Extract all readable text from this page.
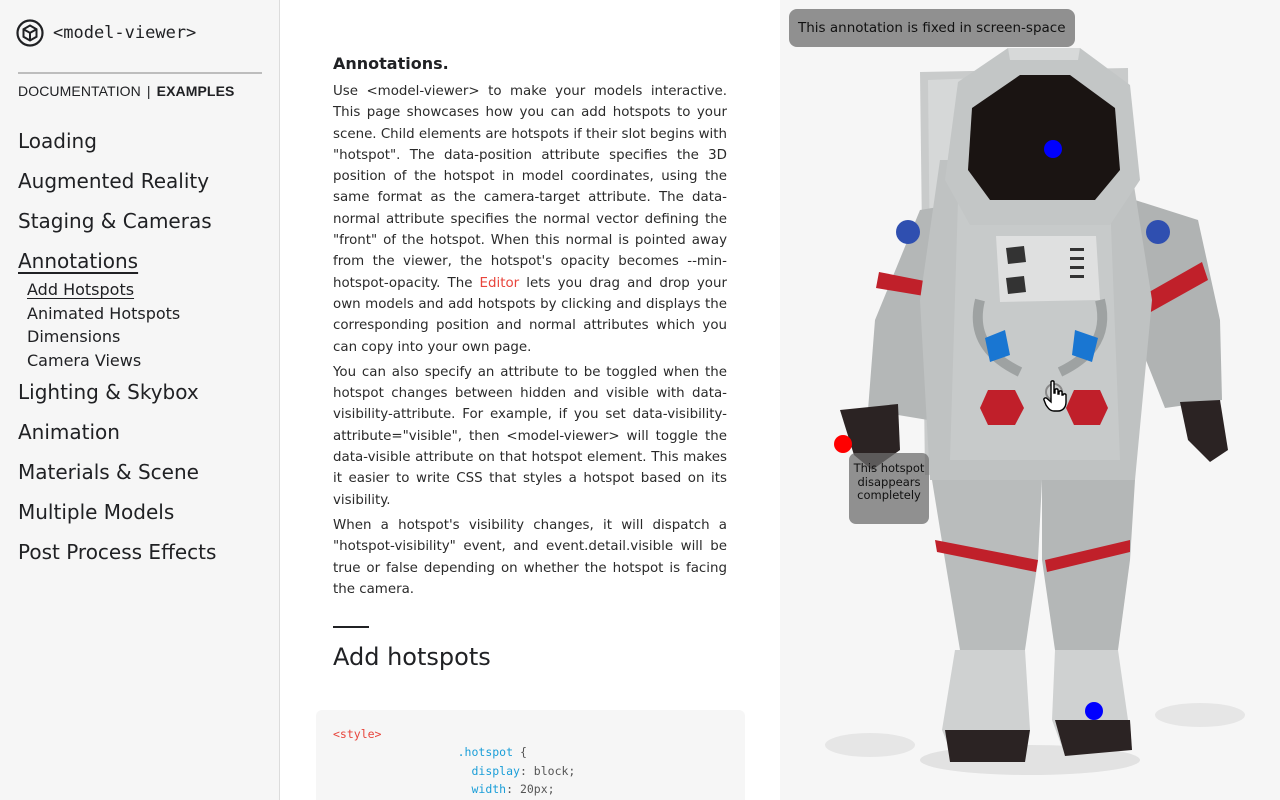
<model-viewer>
DOCUMENTATION | EXAMPLES
Loading
Augmented Reality
Staging & Cameras
Annotations
Add Hotspots
Animated Hotspots
Dimensions
Camera Views
Lighting & Skybox
Animation
Materials & Scene
Multiple Models
Post Process Effects
Annotations.

Use <model-viewer> to make your models interactive. This page showcases how you can add hotspots to your scene. Child elements are hotspots if their slot begins with "hotspot". The data-position attribute specifies the 3D position of the hotspot in model coordinates, using the same format as the camera-target attribute. The data-normal attribute specifies the normal vector defining the "front" of the hotspot. When this normal is pointed away from the viewer, the hotspot's opacity becomes --min-hotspot-opacity. The Editor lets you drag and drop your own models and add hotspots by clicking and displays the corresponding position and normal attributes which you can copy into your own page.

You can also specify an attribute to be toggled when the hotspot changes between hidden and visible with data-visibility-attribute. For example, if you set data-visibility-attribute="visible", then <model-viewer> will toggle the data-visible attribute on that hotspot element. This makes it easier to write CSS that styles a hotspot based on its visibility.

When a hotspot's visibility changes, it will dispatch a "hotspot-visibility" event, and event.detail.visible will be true or false depending on whether the hotspot is facing the camera.

Add hotspots
<style>
.hotspot {
display: block;
width: 20px;
This annotation is fixed in screen-space
This hotspot disappears completely
